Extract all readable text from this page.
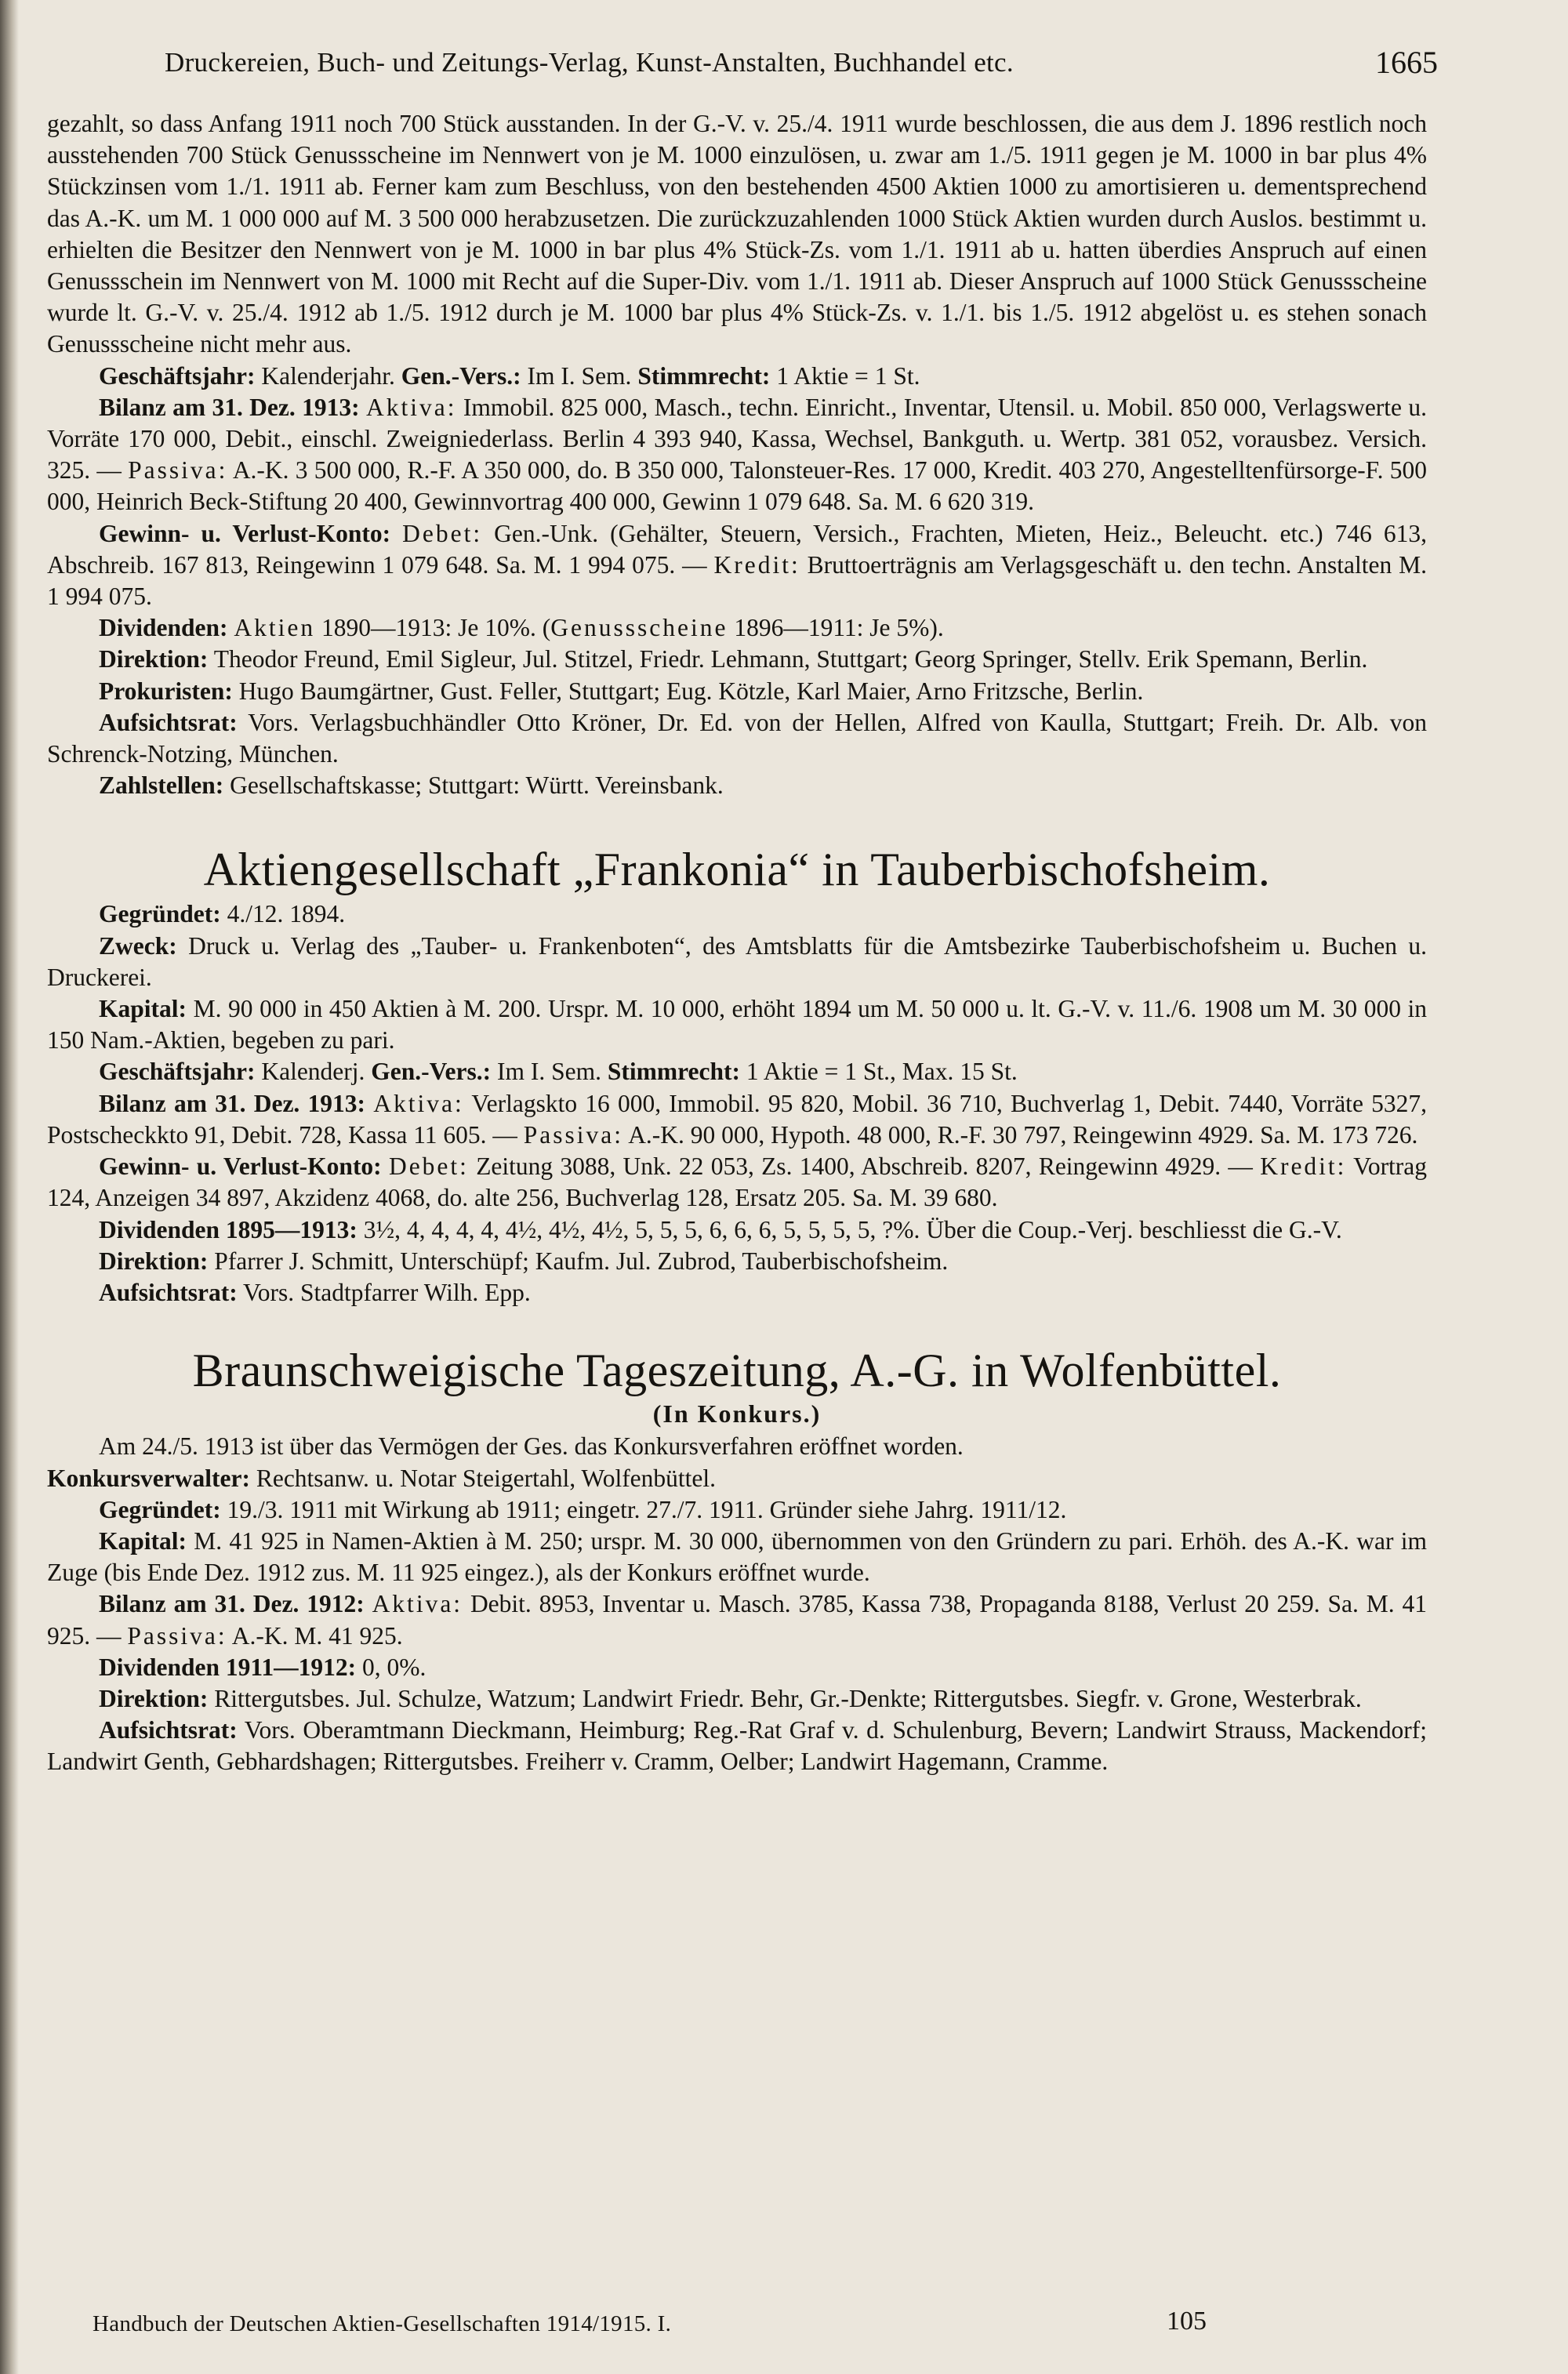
Druckereien, Buch- und Zeitungs-Verlag, Kunst-Anstalten, Buchhandel etc.	1665

gezahlt, so dass Anfang 1911 noch 700 Stück ausstanden. In der G.-V. v. 25./4. 1911 wurde beschlossen, die aus dem J. 1896 restlich noch ausstehenden 700 Stück Genussscheine im Nennwert von je M. 1000 einzulösen, u. zwar am 1./5. 1911 gegen je M. 1000 in bar plus 4% Stückzinsen vom 1./1. 1911 ab. Ferner kam zum Beschluss, von den bestehenden 4500 Aktien 1000 zu amortisieren u. dementsprechend das A.-K. um M. 1 000 000 auf M. 3 500 000 herabzusetzen. Die zurückzuzahlenden 1000 Stück Aktien wurden durch Auslos. bestimmt u. erhielten die Besitzer den Nennwert von je M. 1000 in bar plus 4% Stück-Zs. vom 1./1. 1911 ab u. hatten überdies Anspruch auf einen Genussschein im Nennwert von M. 1000 mit Recht auf die Super-Div. vom 1./1. 1911 ab. Dieser Anspruch auf 1000 Stück Genussscheine wurde lt. G.-V. v. 25./4. 1912 ab 1./5. 1912 durch je M. 1000 bar plus 4% Stück-Zs. v. 1./1. bis 1./5. 1912 abgelöst u. es stehen sonach Genussscheine nicht mehr aus.

Geschäftsjahr: Kalenderjahr. Gen.-Vers.: Im I. Sem. Stimmrecht: 1 Aktie = 1 St.

Bilanz am 31. Dez. 1913: Aktiva: Immobil. 825 000, Masch., techn. Einricht., Inventar, Utensil. u. Mobil. 850 000, Verlagswerte u. Vorräte 170 000, Debit., einschl. Zweigniederlass. Berlin 4 393 940, Kassa, Wechsel, Bankguth. u. Wertp. 381 052, vorausbez. Versich. 325. — Passiva: A.-K. 3 500 000, R.-F. A 350 000, do. B 350 000, Talonsteuer-Res. 17 000, Kredit. 403 270, Angestelltenfürsorge-F. 500 000, Heinrich Beck-Stiftung 20 400, Gewinnvortrag 400 000, Gewinn 1 079 648. Sa. M. 6 620 319.

Gewinn- u. Verlust-Konto: Debet: Gen.-Unk. (Gehälter, Steuern, Versich., Frachten, Mieten, Heiz., Beleucht. etc.) 746 613, Abschreib. 167 813, Reingewinn 1 079 648. Sa. M. 1 994 075. — Kredit: Bruttoerträgnis am Verlagsgeschäft u. den techn. Anstalten M. 1 994 075.

Dividenden: Aktien 1890—1913: Je 10%. (Genussscheine 1896—1911: Je 5%).

Direktion: Theodor Freund, Emil Sigleur, Jul. Stitzel, Friedr. Lehmann, Stuttgart; Georg Springer, Stellv. Erik Spemann, Berlin.

Prokuristen: Hugo Baumgärtner, Gust. Feller, Stuttgart; Eug. Kötzle, Karl Maier, Arno Fritzsche, Berlin.

Aufsichtsrat: Vors. Verlagsbuchhändler Otto Kröner, Dr. Ed. von der Hellen, Alfred von Kaulla, Stuttgart; Freih. Dr. Alb. von Schrenck-Notzing, München.

Zahlstellen: Gesellschaftskasse; Stuttgart: Württ. Vereinsbank.

Aktiengesellschaft „Frankonia“ in Tauberbischofsheim.

Gegründet: 4./12. 1894.

Zweck: Druck u. Verlag des „Tauber- u. Frankenboten“, des Amtsblatts für die Amtsbezirke Tauberbischofsheim u. Buchen u. Druckerei.

Kapital: M. 90 000 in 450 Aktien à M. 200. Urspr. M. 10 000, erhöht 1894 um M. 50 000 u. lt. G.-V. v. 11./6. 1908 um M. 30 000 in 150 Nam.-Aktien, begeben zu pari.

Geschäftsjahr: Kalenderj. Gen.-Vers.: Im I. Sem. Stimmrecht: 1 Aktie = 1 St., Max. 15 St.

Bilanz am 31. Dez. 1913: Aktiva: Verlagskto 16 000, Immobil. 95 820, Mobil. 36 710, Buchverlag 1, Debit. 7440, Vorräte 5327, Postscheckkto 91, Debit. 728, Kassa 11 605. — Passiva: A.-K. 90 000, Hypoth. 48 000, R.-F. 30 797, Reingewinn 4929. Sa. M. 173 726.

Gewinn- u. Verlust-Konto: Debet: Zeitung 3088, Unk. 22 053, Zs. 1400, Abschreib. 8207, Reingewinn 4929. — Kredit: Vortrag 124, Anzeigen 34 897, Akzidenz 4068, do. alte 256, Buchverlag 128, Ersatz 205. Sa. M. 39 680.

Dividenden 1895—1913: 3½, 4, 4, 4, 4, 4½, 4½, 4½, 5, 5, 5, 6, 6, 6, 5, 5, 5, 5, ?%. Über die Coup.-Verj. beschliesst die G.-V.

Direktion: Pfarrer J. Schmitt, Unterschüpf; Kaufm. Jul. Zubrod, Tauberbischofsheim.

Aufsichtsrat: Vors. Stadtpfarrer Wilh. Epp.

Braunschweigische Tageszeitung, A.-G. in Wolfenbüttel.
(In Konkurs.)

Am 24./5. 1913 ist über das Vermögen der Ges. das Konkursverfahren eröffnet worden.

Konkursverwalter: Rechtsanw. u. Notar Steigertahl, Wolfenbüttel.

Gegründet: 19./3. 1911 mit Wirkung ab 1911; eingetr. 27./7. 1911. Gründer siehe Jahrg. 1911/12.

Kapital: M. 41 925 in Namen-Aktien à M. 250; urspr. M. 30 000, übernommen von den Gründern zu pari. Erhöh. des A.-K. war im Zuge (bis Ende Dez. 1912 zus. M. 11 925 eingez.), als der Konkurs eröffnet wurde.

Bilanz am 31. Dez. 1912: Aktiva: Debit. 8953, Inventar u. Masch. 3785, Kassa 738, Propaganda 8188, Verlust 20 259. Sa. M. 41 925. — Passiva: A.-K. M. 41 925.

Dividenden 1911—1912: 0, 0%.

Direktion: Rittergutsbes. Jul. Schulze, Watzum; Landwirt Friedr. Behr, Gr.-Denkte; Rittergutsbes. Siegfr. v. Grone, Westerbrak.

Aufsichtsrat: Vors. Oberamtmann Dieckmann, Heimburg; Reg.-Rat Graf v. d. Schulenburg, Bevern; Landwirt Strauss, Mackendorf; Landwirt Genth, Gebhardshagen; Rittergutsbes. Freiherr v. Cramm, Oelber; Landwirt Hagemann, Cramme.

Handbuch der Deutschen Aktien-Gesellschaften 1914/1915. I.	105
